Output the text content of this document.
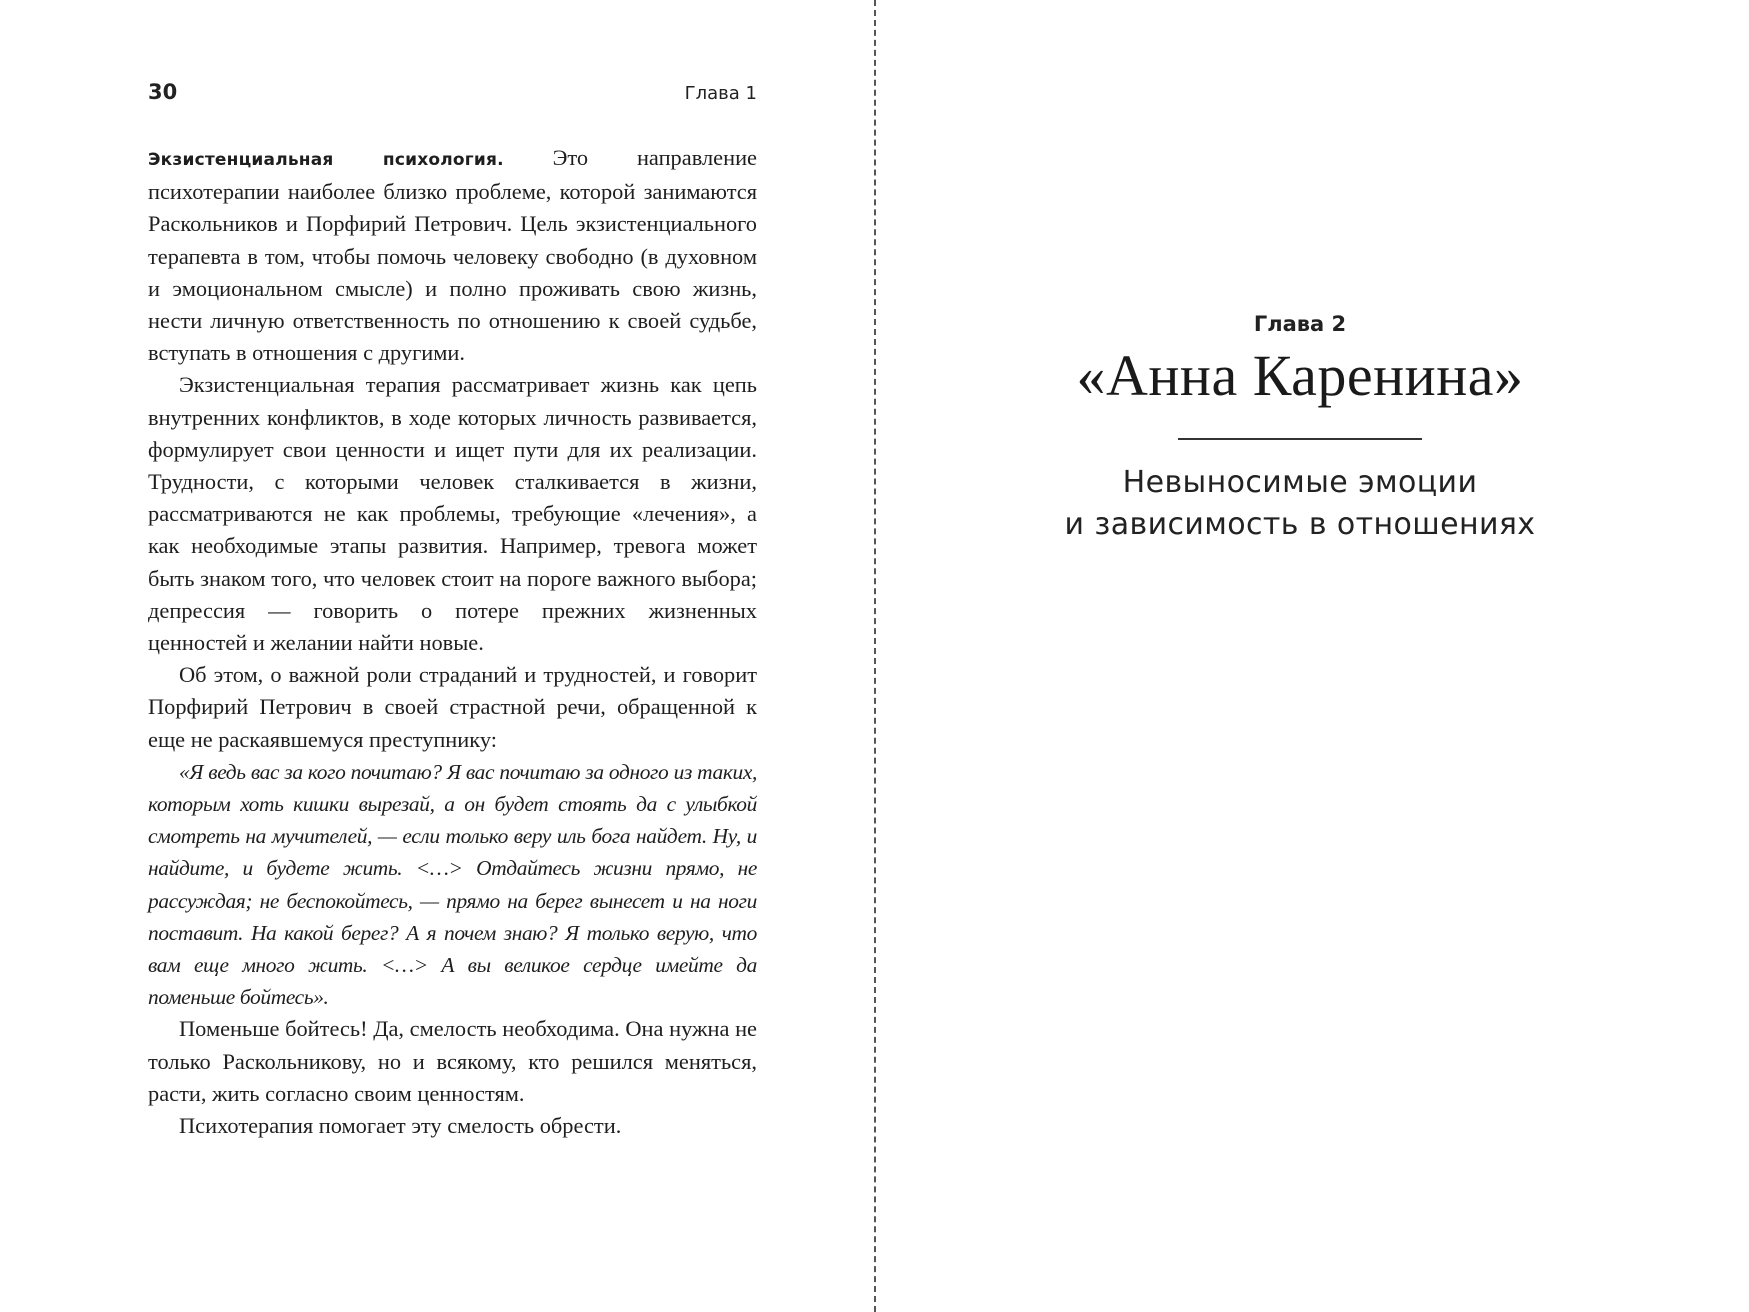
30	Глава 1

Экзистенциальная психология. Это направление психотерапии наиболее близко проблеме, которой занимаются Раскольников и Порфирий Петрович. Цель экзистенциального терапевта в том, чтобы помочь человеку свободно (в духовном и эмоциональном смысле) и полно проживать свою жизнь, нести личную ответственность по отношению к своей судьбе, вступать в отношения с другими.

Экзистенциальная терапия рассматривает жизнь как цепь внутренних конфликтов, в ходе которых личность развивается, формулирует свои ценности и ищет пути для их реализации. Трудности, с которыми человек сталкивается в жизни, рассматриваются не как проблемы, требующие «лечения», а как необходимые этапы развития. Например, тревога может быть знаком того, что человек стоит на пороге важного выбора; депрессия — говорить о потере прежних жизненных ценностей и желании найти новые.

Об этом, о важной роли страданий и трудностей, и говорит Порфирий Петрович в своей страстной речи, обращенной к еще не раскаявшемуся преступнику:

«Я ведь вас за кого почитаю? Я вас почитаю за одного из таких, которым хоть кишки вырезай, а он будет стоять да с улыбкой смотреть на мучителей, — если только веру иль бога найдет. Ну, и найдите, и будете жить. <…> Отдайтесь жизни прямо, не рассуждая; не беспокойтесь, — прямо на берег вынесет и на ноги поставит. На какой берег? А я почем знаю? Я только верую, что вам еще много жить. <…> А вы великое сердце имейте да поменьше бойтесь».

Поменьше бойтесь! Да, смелость необходима. Она нужна не только Раскольникову, но и всякому, кто решился меняться, расти, жить согласно своим ценностям.

Психотерапия помогает эту смелость обрести.

Глава 2
«Анна Каренина»
Невыносимые эмоции
и зависимость в отношениях
